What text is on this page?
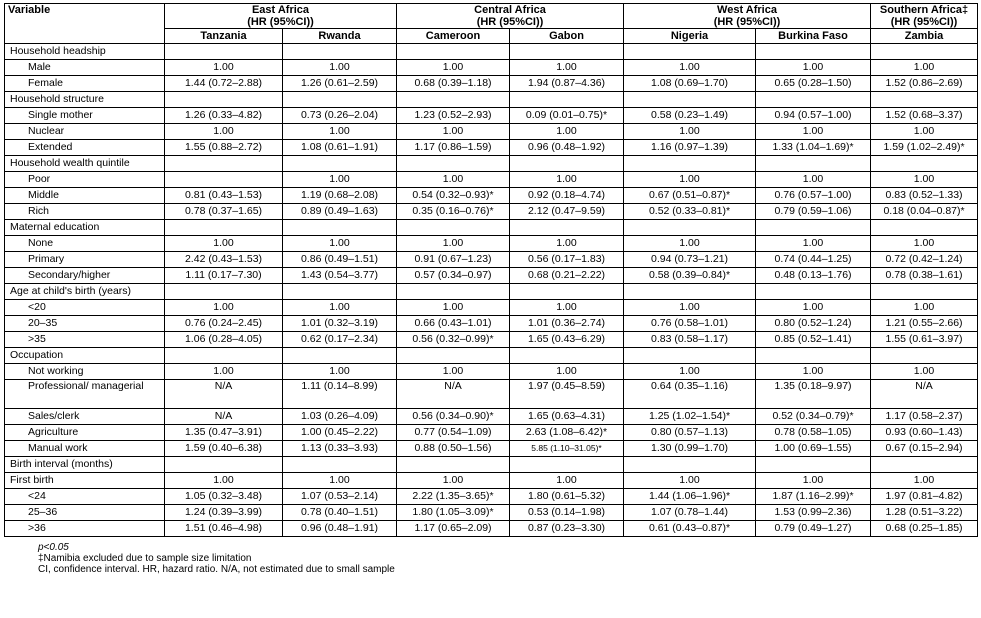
Variable	East Africa
(HR (95%CI))		Central Africa
(HR (95%CI))		West Africa
(HR (95%CI))		Southern Africa‡
(HR (95%CI))
	Tanzania	Rwanda	Cameroon	Gabon	Nigeria	Burkina Faso	Zambia
Household headship							
Male	1.00	1.00	1.00	1.00	1.00	1.00	1.00
Female	1.44 (0.72–2.88)	1.26 (0.61–2.59)	0.68 (0.39–1.18)	1.94 (0.87–4.36)	1.08 (0.69–1.70)	0.65 (0.28–1.50)	1.52 (0.86–2.69)
Household structure							
Single mother	1.26 (0.33–4.82)	0.73 (0.26–2.04)	1.23 (0.52–2.93)	0.09 (0.01–0.75)*	0.58 (0.23–1.49)	0.94 (0.57–1.00)	1.52 (0.68–3.37)
Nuclear	1.00	1.00	1.00	1.00	1.00	1.00	1.00
Extended	1.55 (0.88–2.72)	1.08 (0.61–1.91)	1.17 (0.86–1.59)	0.96 (0.48–1.92)	1.16 (0.97–1.39)	1.33 (1.04–1.69)*	1.59 (1.02–2.49)*
Household wealth quintile							
Poor		1.00	1.00	1.00	1.00	1.00	1.00
Middle	0.81 (0.43–1.53)	1.19 (0.68–2.08)	0.54 (0.32–0.93)*	0.92 (0.18–4.74)	0.67 (0.51–0.87)*	0.76 (0.57–1.00)	0.83 (0.52–1.33)
Rich	0.78 (0.37–1.65)	0.89 (0.49–1.63)	0.35 (0.16–0.76)*	2.12 (0.47–9.59)	0.52 (0.33–0.81)*	0.79 (0.59–1.06)	0.18 (0.04–0.87)*
Maternal education							
None	1.00	1.00	1.00	1.00	1.00	1.00	1.00
Primary	2.42 (0.43–1.53)	0.86 (0.49–1.51)	0.91 (0.67–1.23)	0.56 (0.17–1.83)	0.94 (0.73–1.21)	0.74 (0.44–1.25)	0.72 (0.42–1.24)
Secondary/higher	1.11 (0.17–7.30)	1.43 (0.54–3.77)	0.57 (0.34–0.97)	0.68 (0.21–2.22)	0.58 (0.39–0.84)*	0.48 (0.13–1.76)	0.78 (0.38–1.61)
Age at child's birth (years)							
<20	1.00	1.00	1.00	1.00	1.00	1.00	1.00
20–35	0.76 (0.24–2.45)	1.01 (0.32–3.19)	0.66 (0.43–1.01)	1.01 (0.36–2.74)	0.76 (0.58–1.01)	0.80 (0.52–1.24)	1.21 (0.55–2.66)
>35	1.06 (0.28–4.05)	0.62 (0.17–2.34)	0.56 (0.32–0.99)*	1.65 (0.43–6.29)	0.83 (0.58–1.17)	0.85 (0.52–1.41)	1.55 (0.61–3.97)
Occupation							
Not working	1.00	1.00	1.00	1.00	1.00	1.00	1.00
Professional/ managerial	N/A	1.11 (0.14–8.99)	N/A	1.97 (0.45–8.59)	0.64 (0.35–1.16)	1.35 (0.18–9.97)	N/A
Sales/clerk	N/A	1.03 (0.26–4.09)	0.56 (0.34–0.90)*	1.65 (0.63–4.31)	1.25 (1.02–1.54)*	0.52 (0.34–0.79)*	1.17 (0.58–2.37)
Agriculture	1.35 (0.47–3.91)	1.00 (0.45–2.22)	0.77 (0.54–1.09)	2.63 (1.08–6.42)*	0.80 (0.57–1.13)	0.78 (0.58–1.05)	0.93 (0.60–1.43)
Manual work	1.59 (0.40–6.38)	1.13 (0.33–3.93)	0.88 (0.50–1.56)	5.85 (1.10–31.05)*	1.30 (0.99–1.70)	1.00 (0.69–1.55)	0.67 (0.15–2.94)
Birth interval (months)							
First birth	1.00	1.00	1.00	1.00	1.00	1.00	1.00
<24	1.05 (0.32–3.48)	1.07 (0.53–2.14)	2.22 (1.35–3.65)*	1.80 (0.61–5.32)	1.44 (1.06–1.96)*	1.87 (1.16–2.99)*	1.97 (0.81–4.82)
25–36	1.24 (0.39–3.99)	0.78 (0.40–1.51)	1.80 (1.05–3.09)*	0.53 (0.14–1.98)	1.07 (0.78–1.44)	1.53 (0.99–2.36)	1.28 (0.51–3.22)
>36	1.51 (0.46–4.98)	0.96 (0.48–1.91)	1.17 (0.65–2.09)	0.87 (0.23–3.30)	0.61 (0.43–0.87)*	0.79 (0.49–1.27)	0.68 (0.25–1.85)
p<0.05
‡Namibia excluded due to sample size limitation
CI, confidence interval. HR, hazard ratio. N/A, not estimated due to small sample
